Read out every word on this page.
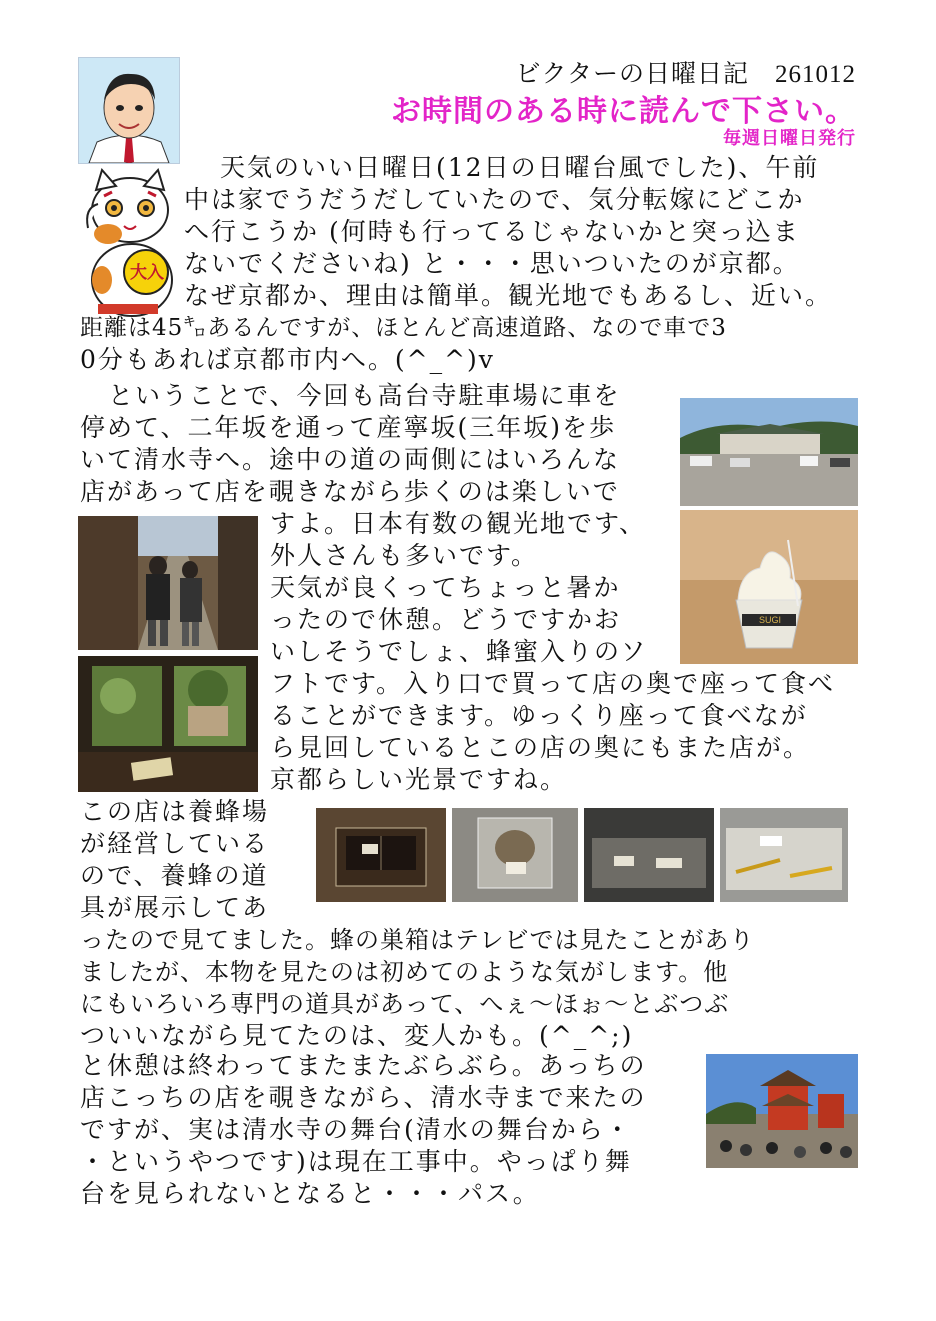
ビクターの日曜日記　261012
お時間のある時に読んで下さい。
毎週日曜日発行
大入
天気のいい日曜日(12日の日曜台風でした)、午前
中は家でうだうだしていたので、気分転嫁にどこか
へ行こうか (何時も行ってるじゃないかと突っ込ま
ないでくださいね) と・・・思いついたのが京都。
なぜ京都か、理由は簡単。観光地でもあるし、近い。
距離は45㌔あるんですが、ほとんど高速道路、なので車で3
0分もあれば京都市内へ。(^_^)v
ということで、今回も高台寺駐車場に車を
停めて、二年坂を通って産寧坂(三年坂)を歩
いて清水寺へ。途中の道の両側にはいろんな
店があって店を覗きながら歩くのは楽しいで
すよ。日本有数の観光地です、
外人さんも多いです。
天気が良くってちょっと暑か
ったので休憩。どうですかお
いしそうでしょ、蜂蜜入りのソ
フトです。入り口で買って店の奥で座って食べ
ることができます。ゆっくり座って食べなが
ら見回しているとこの店の奥にもまた店が。
京都らしい光景ですね。
SUGI
この店は養蜂場
が経営している
ので、養蜂の道
具が展示してあ
ったので見てました。蜂の巣箱はテレビでは見たことがあり
ましたが、本物を見たのは初めてのような気がします。他
にもいろいろ専門の道具があって、へぇ～ほぉ～とぶつぶ
ついいながら見てたのは、変人かも。(^_^;)
と休憩は終わってまたまたぶらぶら。あっちの
店こっちの店を覗きながら、清水寺まで来たの
ですが、実は清水寺の舞台(清水の舞台から・
・というやつです)は現在工事中。やっぱり舞
台を見られないとなると・・・パス。
